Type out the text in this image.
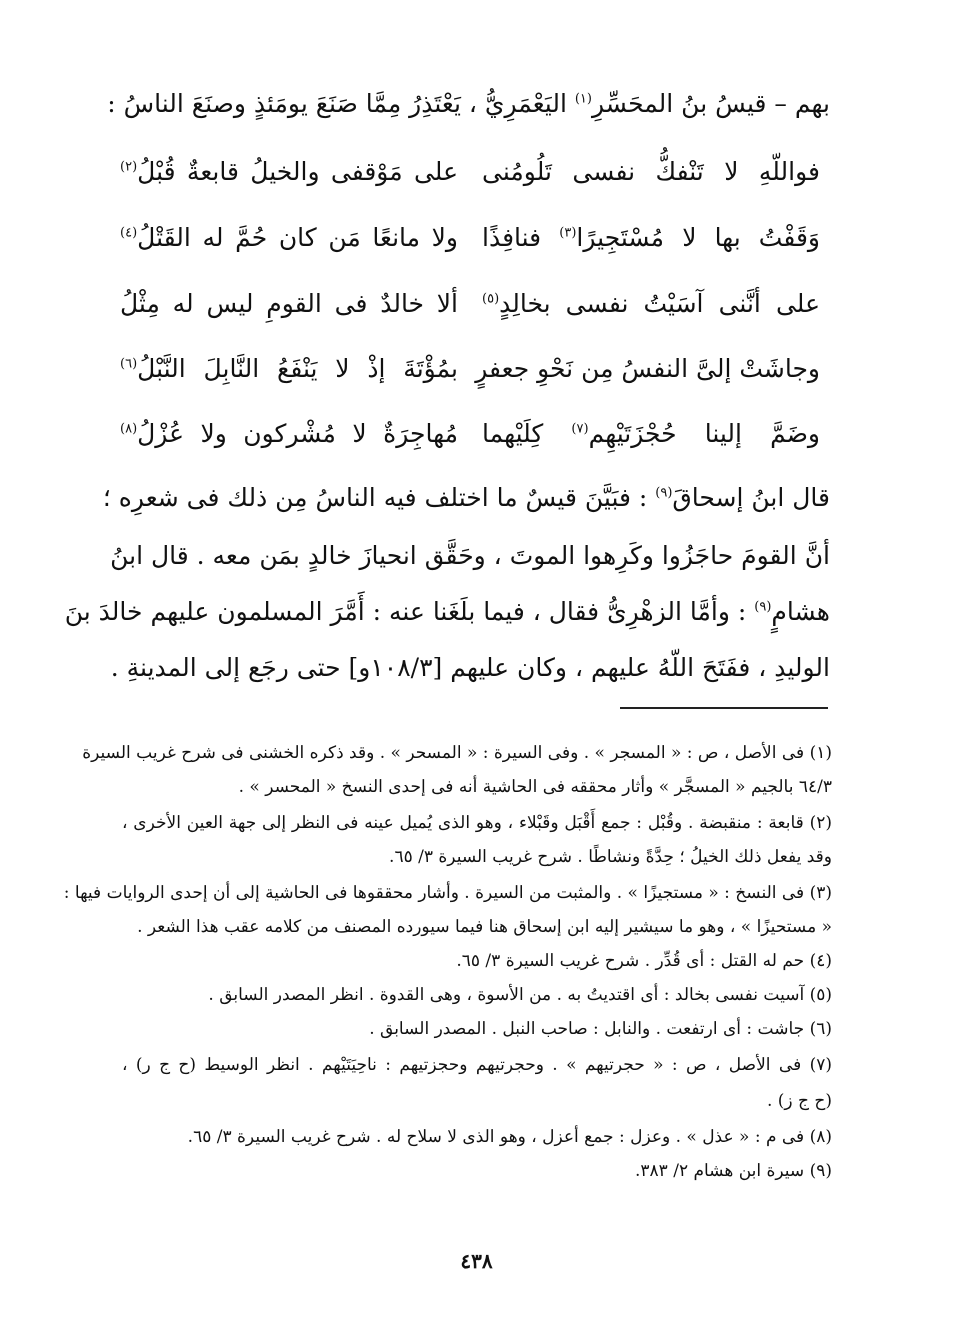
بهم – قيسُ بنُ المحَسِّرِ$^{(١)}$ اليَعْمَرِيُّ ، يَعْتَذِرُ مِمَّا صَنَعَ يومَئذٍ وصنَعَ الناسُ :
فواللّهِ لا تَنْفكُّ نفسى تَلُومُنى
على مَوْقفى والخيلُ قابعةٌ قُبْلُ$^{(٢)}$
وَقَفْتُ بها لا مُسْتَجِيرًا$^{(٣)}$ فنافِذًا
ولا مانعًا مَن كان حُمَّ له القَتْلُ$^{(٤)}$
على أنَّنى آسَيْتُ نفسى بخالِدٍ$^{(٥)}$
ألا خالدٌ فى القومِ ليس له مِثْلُ
وجاشَتْ إلىَّ النفسُ مِن نَحْوِ جعفرٍ
بمُؤْتَةَ إذْ لا يَنْفَعُ النَّابِلَ النَّبْلُ$^{(٦)}$
وضَمَّ إلينا حُجْزَتَيْهِم$^{(٧)}$ كِلَيْهما
مُهاجِرَةٌ لا مُشْركون ولا عُزْلُ$^{(٨)}$
قال ابنُ إسحاقَ$^{(٩)}$ : فبَيَّنَ قيسٌ ما اختلف فيه الناسُ مِن ذلك فى شعرِه ؛
أنَّ القومَ حاجَزُوا وكَرِهوا الموتَ ، وحَقَّق انحيازَ خالدٍ بمَن معه . قال ابنُ
هشامٍ$^{(٩)}$ : وأمَّا الزهْرِىُّ فقال ، فيما بلَغَنا عنه : أَمَّرَ المسلمون عليهم خالدَ بنَ
الوليدِ ، ففَتَحَ اللّهُ عليهم ، وكان عليهم [١٠٨/٣و] حتى رجَع إلى المدينةِ .
(١) فى الأصل ، ص : « المسجر » . وفى السيرة : « المسحر » . وقد ذكره الخشنى فى شرح غريب السيرة
٦٤/٣ بالجيم « المسجَّر » وأثار محققه فى الحاشية أنه فى إحدى النسخ « المحسر » .
(٢) قابعة : منقبضة . وقُبْل : جمع أَقْبَل وقَبْلاء ، وهو الذى يُميل عينه فى النظر إلى جهة العين الأخرى ،
وقد يفعل ذلك الخيلُ ؛ حِدَّةً ونشاطًا . شرح غريب السيرة ٣/ ٦٥.
(٣) فى النسخ : « مستجيزًا » . والمثبت من السيرة . وأشار محققوها فى الحاشية إلى أن إحدى الروايات فيها :
« مستحيزًا » ، وهو ما سيشير إليه ابن إسحاق هنا فيما سيورده المصنف من كلامه عقب هذا الشعر .
(٤) حم له القتل : أى قُدِّر . شرح غريب السيرة ٣/ ٦٥.
(٥) آسيت نفسى بخالد : أى اقتديتُ به . من الأسوة ، وهى القدوة . انظر المصدر السابق .
(٦) جاشت : أى ارتفعت . والنابل : صاحب النبل . المصدر السابق .
(٧) فى الأصل ، ص : « حجرتيهم » . وحجرتيهم وحجزتيهم : ناحِيَتَيْهم . انظر الوسيط (ح ج ر) ،
(ح ج ز) .
(٨) فى م : « عذل » . وعزل : جمع أعزل ، وهو الذى لا سلاح له . شرح غريب السيرة ٣/ ٦٥.
(٩) سيرة ابن هشام ٢/ ٣٨٣.
٤٣٨
